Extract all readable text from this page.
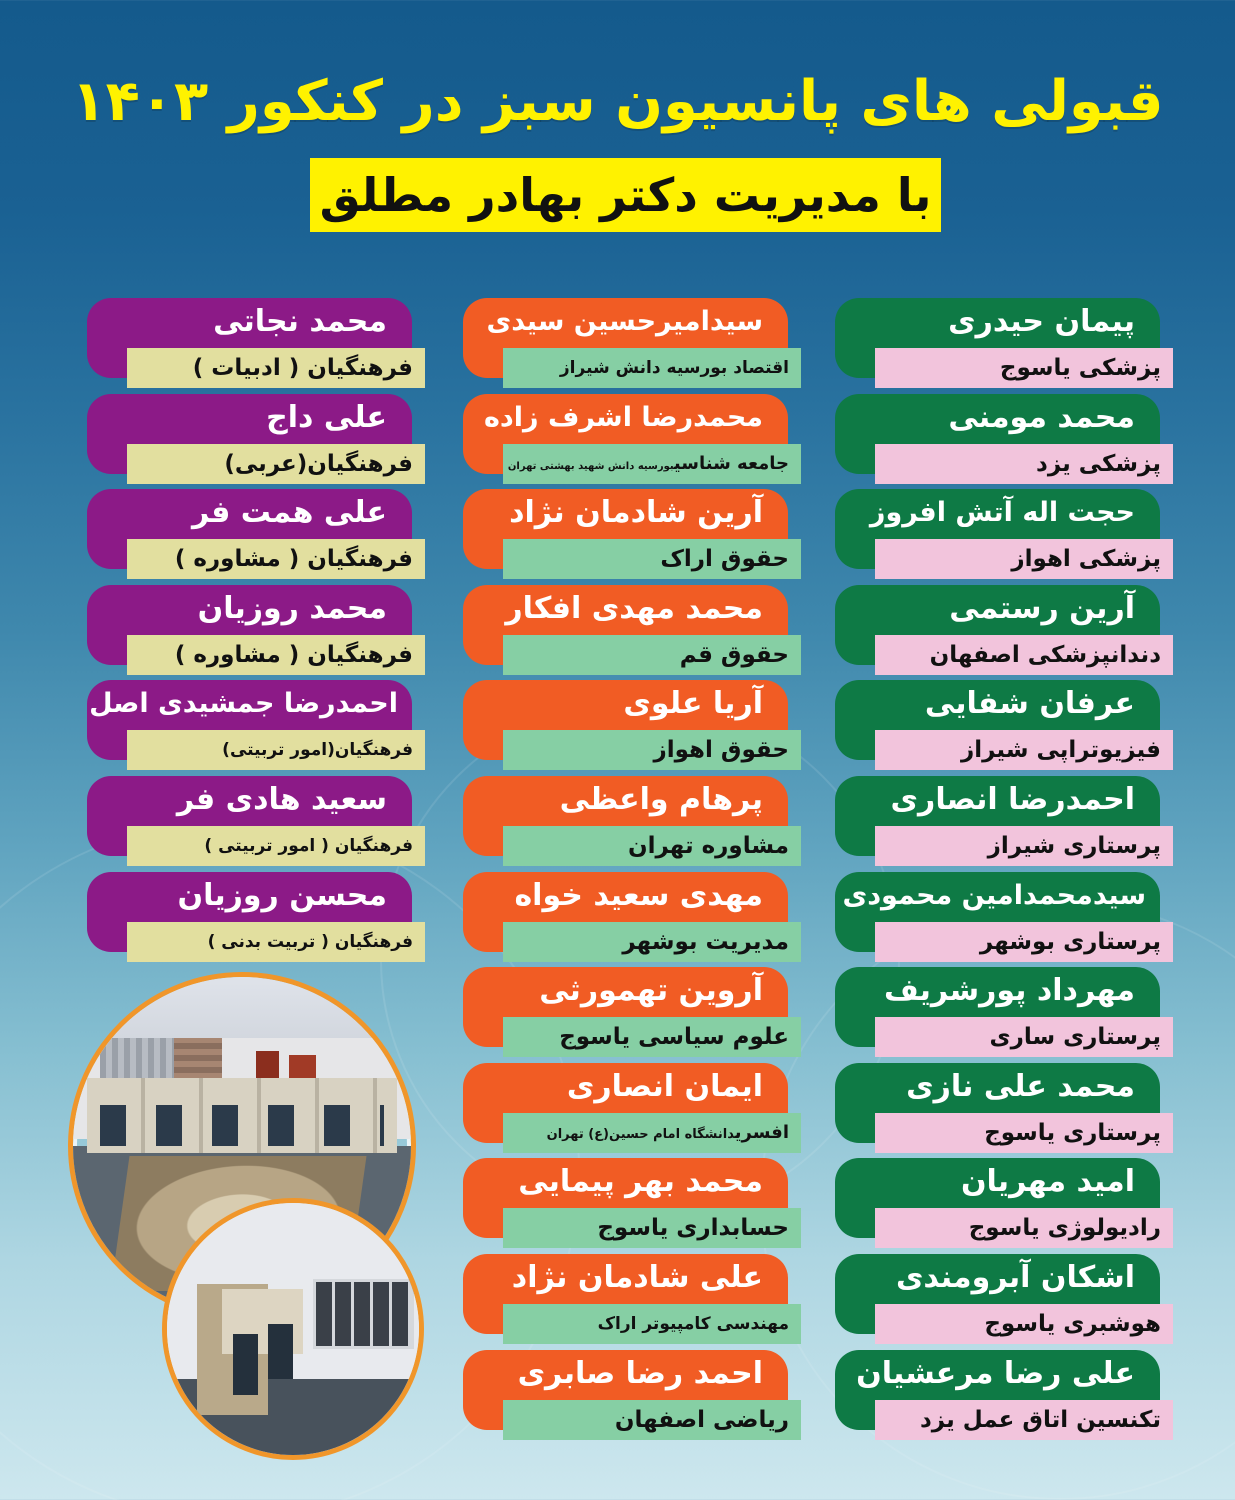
قبولی های پانسیون سبز در کنکور ۱۴۰۳
با مدیریت دکتر بهادر مطلق
پیمان حیدری
پزشکی یاسوج
محمد مومنی
پزشکی یزد
حجت اله آتش افروز
پزشکی اهواز
آرین رستمی
دندانپزشکی اصفهان
عرفان شفایی
فیزیوتراپی شیراز
احمدرضا انصاری
پرستاری شیراز
سیدمحمدامین محمودی
پرستاری بوشهر
مهرداد پورشریف
پرستاری ساری
محمد علی نازی
پرستاری یاسوج
امید مهریان
رادیولوژی یاسوج
اشکان آبرومندی
هوشبری یاسوج
علی رضا مرعشیان
تکنسین اتاق عمل یزد
سیدامیرحسین سیدی
اقتصاد بورسیه دانش شیراز
محمدرضا اشرف زاده
جامعه شناسیبورسیه دانش شهید بهشتی تهران
آرین شادمان نژاد
حقوق اراک
محمد مهدی افکار
حقوق قم
آریا علوی
حقوق اهواز
پرهام واعظی
مشاوره تهران
مهدی سعید خواه
مدیریت بوشهر
آروین تهمورثی
علوم سیاسی یاسوج
ایمان انصاری
افسریدانشگاه امام حسین(ع) تهران
محمد بهر پیمایی
حسابداری یاسوج
علی شادمان نژاد
مهندسی کامپیوتر اراک
احمد رضا صابری
ریاضی اصفهان
محمد نجاتی
فرهنگیان ( ادبیات )
علی داج
فرهنگیان(عربی)
علی همت فر
فرهنگیان ( مشاوره )
محمد روزیان
فرهنگیان ( مشاوره )
احمدرضا جمشیدی اصل
فرهنگیان(امور تربیتی)
سعید هادی فر
فرهنگیان ( امور تربیتی )
محسن روزیان
فرهنگیان ( تربیت بدنی )
